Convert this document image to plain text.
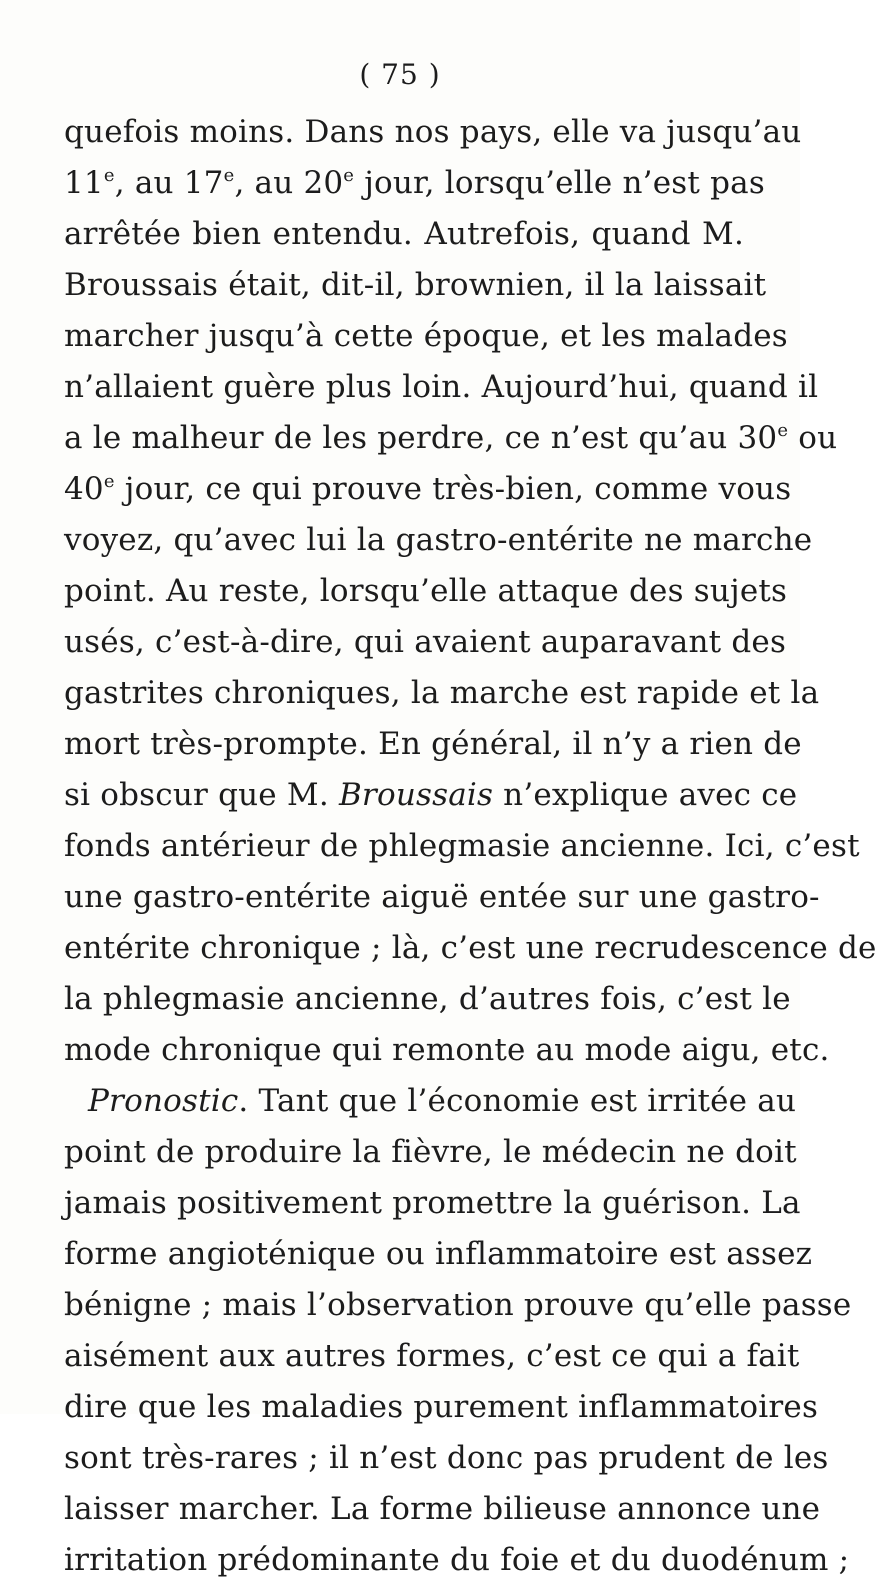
( 75 )
quefois moins. Dans nos pays, elle va jusqu’au
11e, au 17e, au 20e jour, lorsqu’elle n’est pas
arrêtée bien entendu. Autrefois, quand M.
Broussais était, dit-il, brownien, il la laissait
marcher jusqu’à cette époque, et les malades
n’allaient guère plus loin. Aujourd’hui, quand il
a le malheur de les perdre, ce n’est qu’au 30e ou
40e jour, ce qui prouve très-bien, comme vous
voyez, qu’avec lui la gastro-entérite ne marche
point. Au reste, lorsqu’elle attaque des sujets
usés, c’est-à-dire, qui avaient auparavant des
gastrites chroniques, la marche est rapide et la
mort très-prompte. En général, il n’y a rien de
si obscur que M. Broussais n’explique avec ce
fonds antérieur de phlegmasie ancienne. Ici, c’est
une gastro-entérite aiguë entée sur une gastro-
entérite chronique ; là, c’est une recrudescence de
la phlegmasie ancienne, d’autres fois, c’est le
mode chronique qui remonte au mode aigu, etc.
Pronostic. Tant que l’économie est irritée au
point de produire la fièvre, le médecin ne doit
jamais positivement promettre la guérison. La
forme angioténique ou inflammatoire est assez
bénigne ; mais l’observation prouve qu’elle passe
aisément aux autres formes, c’est ce qui a fait
dire que les maladies purement inflammatoires
sont très-rares ; il n’est donc pas prudent de les
laisser marcher. La forme bilieuse annonce une
irritation prédominante du foie et du duodénum ;
